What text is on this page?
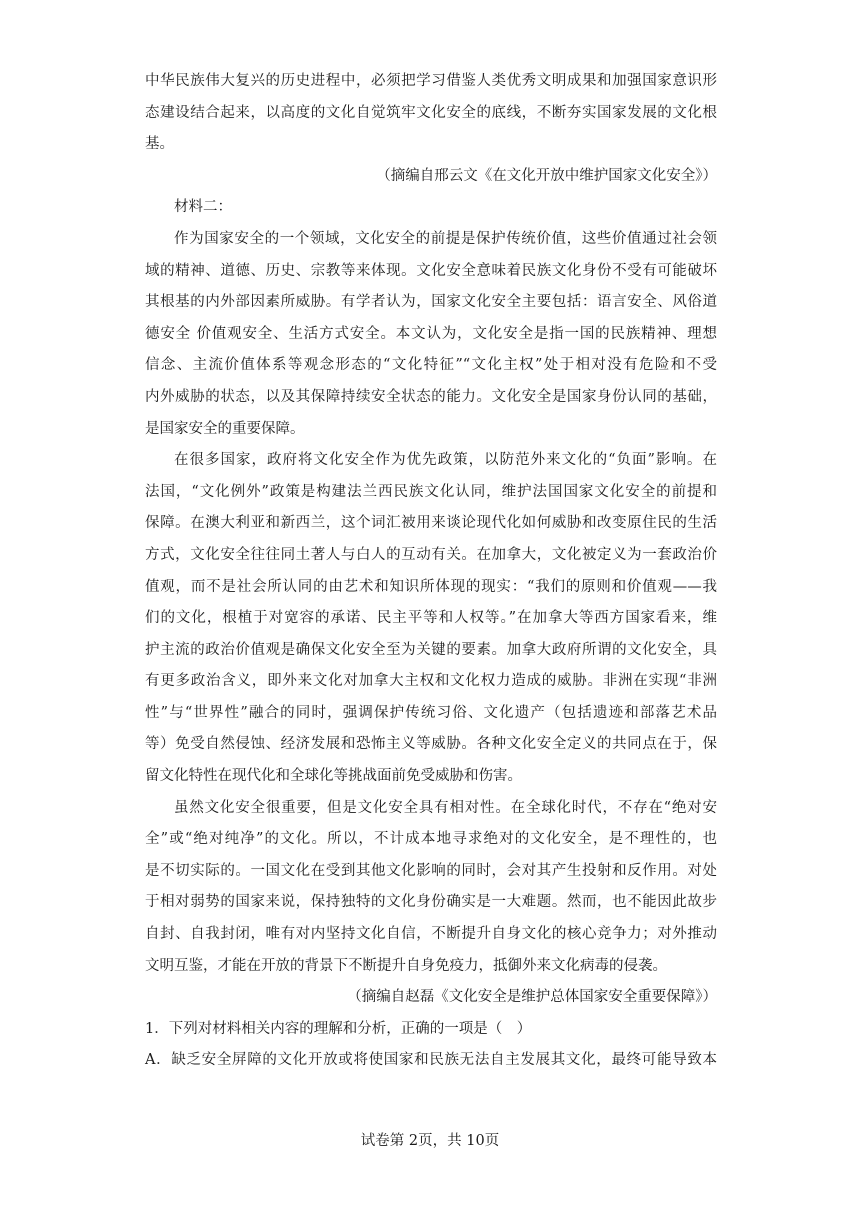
中华民族伟大复兴的历史进程中，必须把学习借鉴人类优秀文明成果和加强国家意识形
态建设结合起来，以高度的文化自觉筑牢文化安全的底线，不断夯实国家发展的文化根
基。
（摘编自邢云文《在文化开放中维护国家文化安全》）
材料二：
作为国家安全的一个领域，文化安全的前提是保护传统价值，这些价值通过社会领
域的精神、道德、历史、宗教等来体现。文化安全意味着民族文化身份不受有可能破坏
其根基的内外部因素所威胁。有学者认为，国家文化安全主要包括：语言安全、风俗道
德安全 价值观安全、生活方式安全。本文认为，文化安全是指一国的民族精神、理想
信念、主流价值体系等观念形态的“文化特征”“文化主权”处于相对没有危险和不受
内外威胁的状态，以及其保障持续安全状态的能力。文化安全是国家身份认同的基础，
是国家安全的重要保障。
在很多国家，政府将文化安全作为优先政策，以防范外来文化的“负面”影响。在
法国，“文化例外”政策是构建法兰西民族文化认同，维护法国国家文化安全的前提和
保障。在澳大利亚和新西兰，这个词汇被用来谈论现代化如何威胁和改变原住民的生活
方式，文化安全往往同土著人与白人的互动有关。在加拿大，文化被定义为一套政治价
值观，而不是社会所认同的由艺术和知识所体现的现实：“我们的原则和价值观——我
们的文化，根植于对宽容的承诺、民主平等和人权等。”在加拿大等西方国家看来，维
护主流的政治价值观是确保文化安全至为关键的要素。加拿大政府所谓的文化安全，具
有更多政治含义，即外来文化对加拿大主权和文化权力造成的威胁。非洲在实现“非洲
性”与“世界性”融合的同时，强调保护传统习俗、文化遗产（包括遗迹和部落艺术品
等）免受自然侵蚀、经济发展和恐怖主义等威胁。各种文化安全定义的共同点在于，保
留文化特性在现代化和全球化等挑战面前免受威胁和伤害。
虽然文化安全很重要，但是文化安全具有相对性。在全球化时代，不存在“绝对安
全”或“绝对纯净”的文化。所以，不计成本地寻求绝对的文化安全，是不理性的，也
是不切实际的。一国文化在受到其他文化影响的同时，会对其产生投射和反作用。对处
于相对弱势的国家来说，保持独特的文化身份确实是一大难题。然而，也不能因此故步
自封、自我封闭，唯有对内坚持文化自信，不断提升自身文化的核心竞争力；对外推动
文明互鉴，才能在开放的背景下不断提升自身免疫力，抵御外来文化病毒的侵袭。
（摘编自赵磊《文化安全是维护总体国家安全重要保障》）
1．下列对材料相关内容的理解和分析，正确的一项是（　）
A．缺乏安全屏障的文化开放或将使国家和民族无法自主发展其文化，最终可能导致本
试卷第 2页，共 10页
